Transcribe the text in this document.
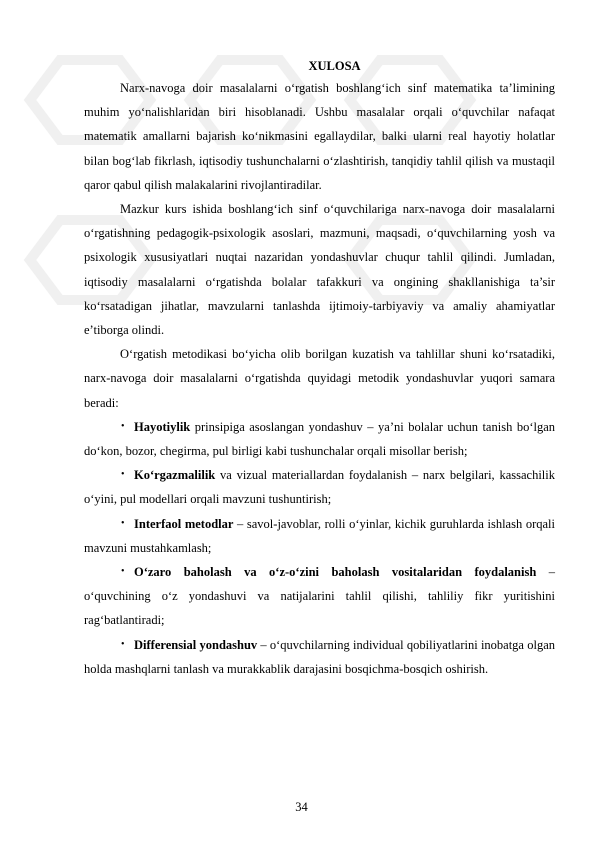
XULOSA

Narx-navoga doir masalalarni o‘rgatish boshlang‘ich sinf matematika ta’limining muhim yo‘nalishlaridan biri hisoblanadi. Ushbu masalalar orqali o‘quvchilar nafaqat matematik amallarni bajarish ko‘nikmasini egallaydilar, balki ularni real hayotiy holatlar bilan bog‘lab fikrlash, iqtisodiy tushunchalarni o‘zlashtirish, tanqidiy tahlil qilish va mustaqil qaror qabul qilish malakalarini rivojlantiradilar.

Mazkur kurs ishida boshlang‘ich sinf o‘quvchilariga narx-navoga doir masalalarni o‘rgatishning pedagogik-psixologik asoslari, mazmuni, maqsadi, o‘quvchilarning yosh va psixologik xususiyatlari nuqtai nazaridan yondashuvlar chuqur tahlil qilindi. Jumladan, iqtisodiy masalalarni o‘rgatishda bolalar tafakkuri va ongining shakllanishiga ta’sir ko‘rsatadigan jihatlar, mavzularni tanlashda ijtimoiy-tarbiyaviy va amaliy ahamiyatlar e’tiborga olindi.

O‘rgatish metodikasi bo‘yicha olib borilgan kuzatish va tahlillar shuni ko‘rsatadiki, narx-navoga doir masalalarni o‘rgatishda quyidagi metodik yondashuvlar yuqori samara beradi:

• Hayotiylik prinsipiga asoslangan yondashuv – ya’ni bolalar uchun tanish bo‘lgan do‘kon, bozor, chegirma, pul birligi kabi tushunchalar orqali misollar berish;
• Ko‘rgazmalilik va vizual materiallardan foydalanish – narx belgilari, kassachilik o‘yini, pul modellari orqali mavzuni tushuntirish;
• Interfaol metodlar – savol-javoblar, rolli o‘yinlar, kichik guruhlarda ishlash orqali mavzuni mustahkamlash;
• O‘zaro baholash va o‘z-o‘zini baholash vositalaridan foydalanish – o‘quvchining o‘z yondashuvi va natijalarini tahlil qilishi, tahliliy fikr yuritishini rag‘batlantiradi;
• Differensial yondashuv – o‘quvchilarning individual qobiliyatlarini inobatga olgan holda mashqlarni tanlash va murakkablik darajasini bosqichma-bosqich oshirish.
34
